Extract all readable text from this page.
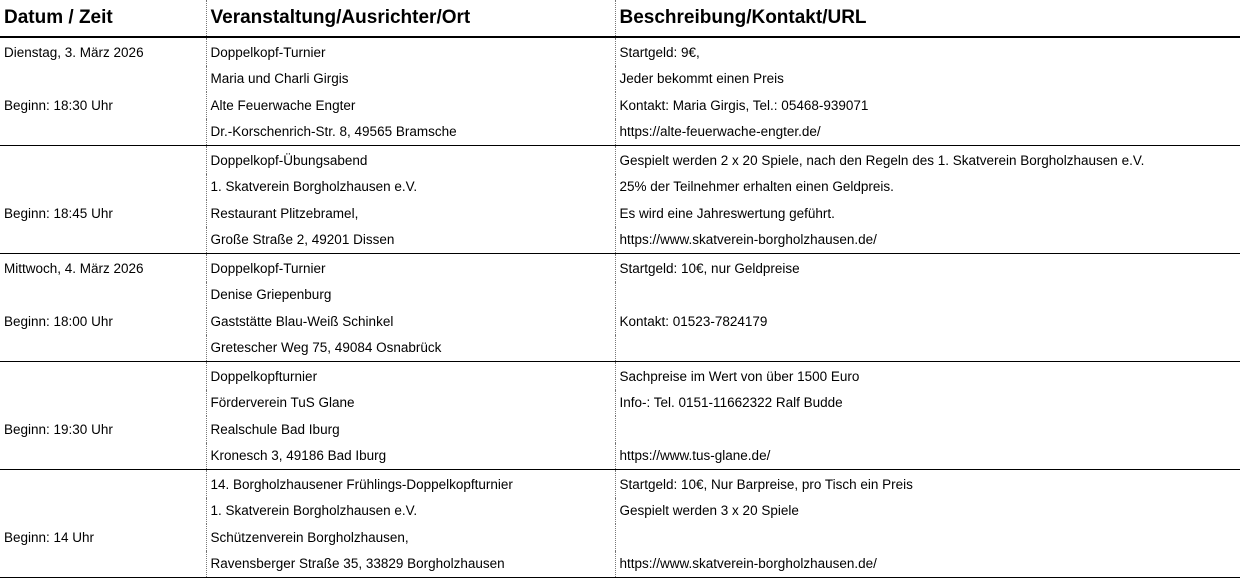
Datum / Zeit	Veranstaltung/Ausrichter/Ort	Beschreibung/Kontakt/URL
Dienstag, 3. März 2026	Doppelkopf-Turnier	Startgeld: 9€,
	Maria und Charli Girgis	Jeder bekommt einen Preis
Beginn: 18:30 Uhr	Alte Feuerwache Engter	Kontakt: Maria Girgis, Tel.: 05468-939071
	Dr.-Korschenrich-Str. 8, 49565 Bramsche	https://alte-feuerwache-engter.de/
	Doppelkopf-Übungsabend	Gespielt werden 2 x 20 Spiele, nach den Regeln des 1. Skatverein Borgholzhausen e.V.
	1. Skatverein Borgholzhausen e.V.	25% der Teilnehmer erhalten einen Geldpreis.
Beginn: 18:45 Uhr	Restaurant Plitzebramel,	Es wird eine Jahreswertung geführt.
	Große Straße 2, 49201 Dissen	https://www.skatverein-borgholzhausen.de/
Mittwoch, 4. März 2026	Doppelkopf-Turnier	Startgeld: 10€, nur Geldpreise
	Denise Griepenburg	
Beginn: 18:00 Uhr	Gaststätte Blau-Weiß Schinkel	Kontakt: 01523-7824179
	Gretescher Weg 75, 49084 Osnabrück	
	Doppelkopfturnier	Sachpreise im Wert von über 1500 Euro
	Förderverein TuS Glane	Info-: Tel. 0151-11662322 Ralf Budde
Beginn: 19:30 Uhr	Realschule Bad Iburg	
	Kronesch 3, 49186 Bad Iburg	https://www.tus-glane.de/
	14. Borgholzhausener Frühlings-Doppelkopfturnier	Startgeld: 10€, Nur Barpreise, pro Tisch ein Preis
	1. Skatverein Borgholzhausen e.V.	Gespielt werden 3 x 20 Spiele
Beginn: 14 Uhr	Schützenverein Borgholzhausen,	
	Ravensberger Straße 35, 33829 Borgholzhausen	https://www.skatverein-borgholzhausen.de/
